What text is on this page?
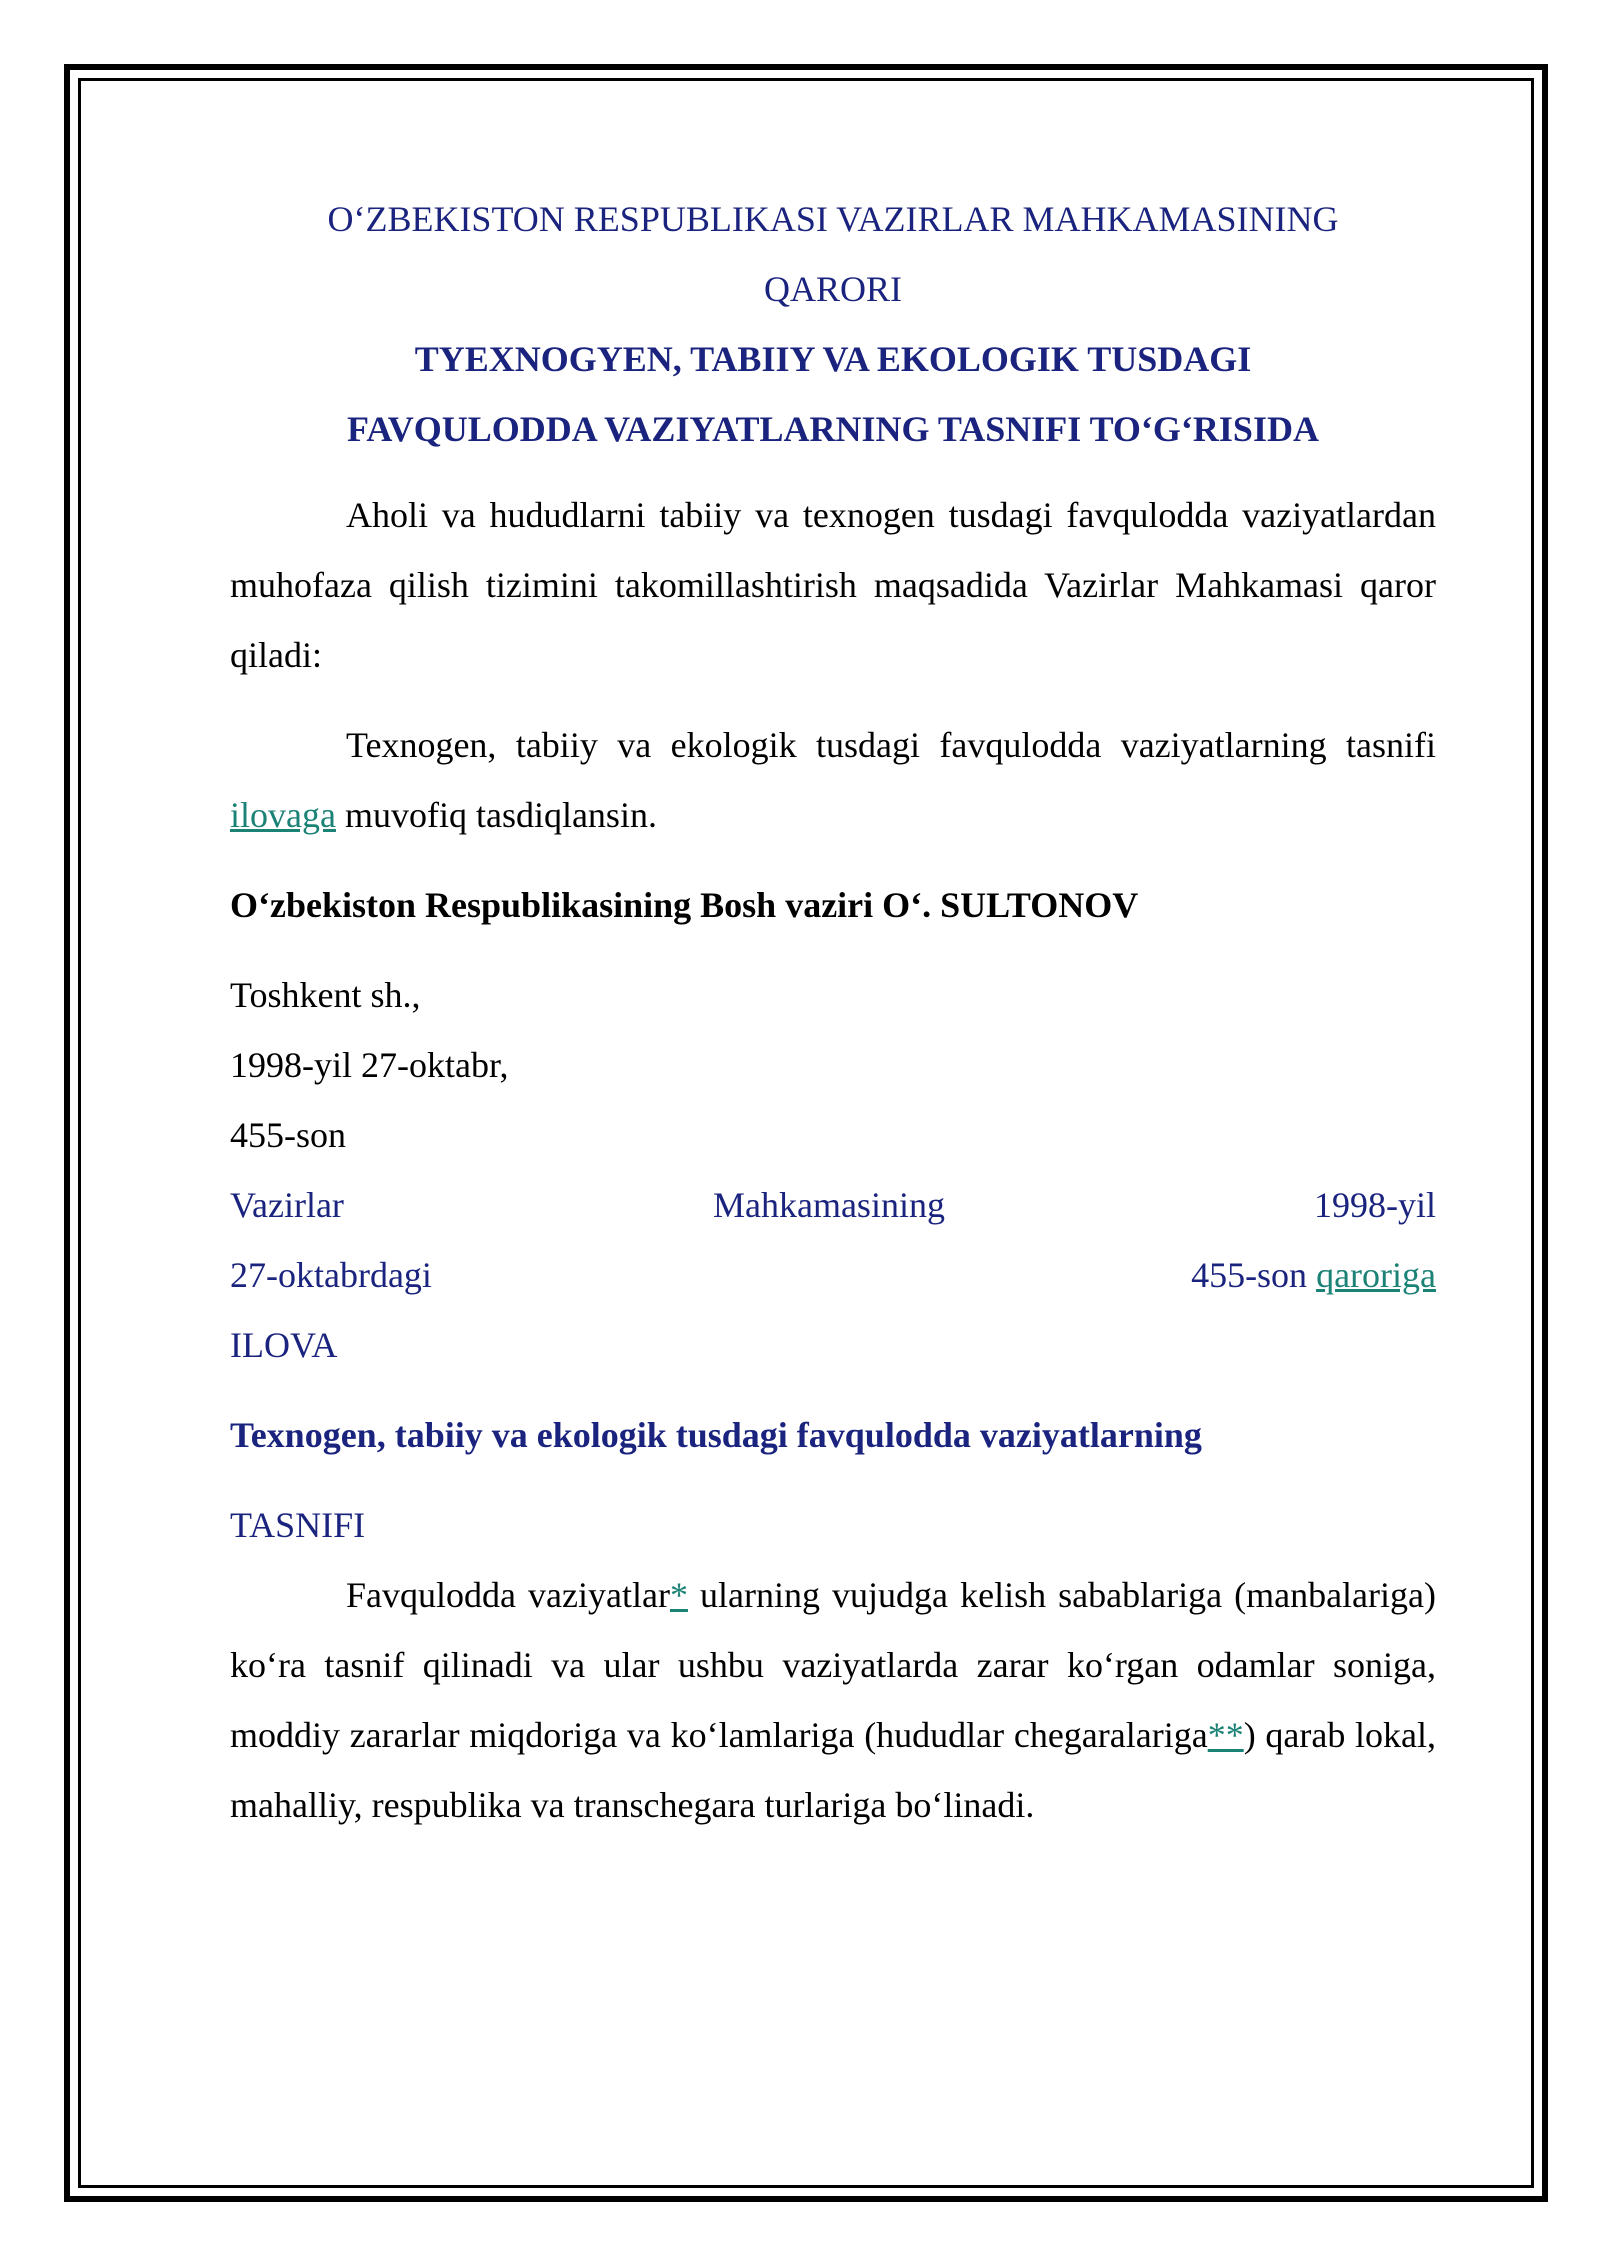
O‘ZBEKISTON RESPUBLIKASI VAZIRLAR MAHKAMASINING

QARORI

TYEXNOGYEN, TABIIY VA EKOLOGIK TUSDAGI

FAVQULODDA VAZIYATLARNING TASNIFI TO‘G‘RISIDA

Aholi va hududlarni tabiiy va texnogen tusdagi favqulodda vaziyatlardan muhofaza qilish tizimini takomillashtirish maqsadida Vazirlar Mahkamasi qaror qiladi:

Texnogen, tabiiy va ekologik tusdagi favqulodda vaziyatlarning tasnifi ilovaga muvofiq tasdiqlansin.

O‘zbekiston Respublikasining Bosh vaziri O‘. SULTONOV

Toshkent sh.,

1998-yil 27-oktabr,

455-son

Vazirlar	Mahkamasining	1998-yil
27-oktabrdagi	455-son qaroriga

ILOVA

Texnogen, tabiiy va ekologik tusdagi favqulodda vaziyatlarning

TASNIFI

Favqulodda vaziyatlar* ularning vujudga kelish sabablariga (manbalariga) ko‘ra tasnif qilinadi va ular ushbu vaziyatlarda zarar ko‘rgan odamlar soniga, moddiy zararlar miqdoriga va ko‘lamlariga (hududlar chegaralariga**) qarab lokal, mahalliy, respublika va transchegara turlariga bo‘linadi.
